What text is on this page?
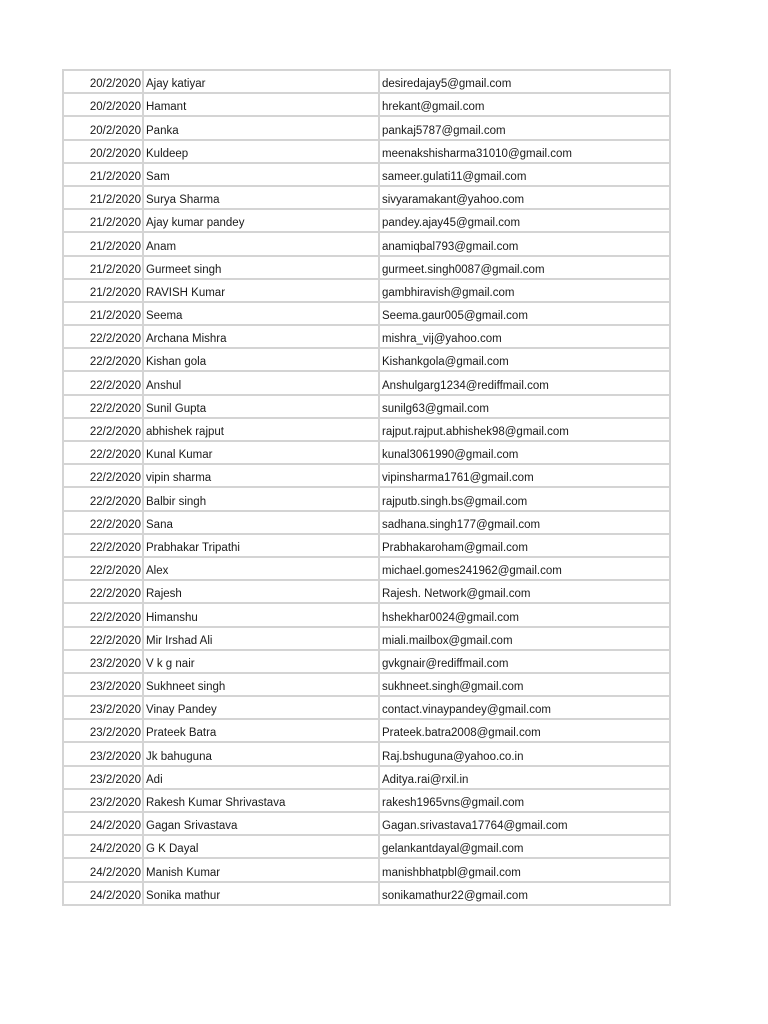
20/2/2020	Ajay katiyar	desiredajay5@gmail.com
20/2/2020	Hamant	hrekant@gmail.com
20/2/2020	Panka	pankaj5787@gmail.com
20/2/2020	Kuldeep	meenakshisharma31010@gmail.com
21/2/2020	Sam	sameer.gulati11@gmail.com
21/2/2020	Surya Sharma	sivyaramakant@yahoo.com
21/2/2020	Ajay kumar pandey	pandey.ajay45@gmail.com
21/2/2020	Anam	anamiqbal793@gmail.com
21/2/2020	Gurmeet singh	gurmeet.singh0087@gmail.com
21/2/2020	RAVISH Kumar	gambhiravish@gmail.com
21/2/2020	Seema	Seema.gaur005@gmail.com
22/2/2020	Archana Mishra	mishra_vij@yahoo.com
22/2/2020	Kishan gola	Kishankgola@gmail.com
22/2/2020	Anshul	Anshulgarg1234@rediffmail.com
22/2/2020	Sunil Gupta	sunilg63@gmail.com
22/2/2020	abhishek rajput	rajput.rajput.abhishek98@gmail.com
22/2/2020	Kunal Kumar	kunal3061990@gmail.com
22/2/2020	vipin sharma	vipinsharma1761@gmail.com
22/2/2020	Balbir singh	rajputb.singh.bs@gmail.com
22/2/2020	Sana	sadhana.singh177@gmail.com
22/2/2020	Prabhakar Tripathi	Prabhakaroham@gmail.com
22/2/2020	Alex	michael.gomes241962@gmail.com
22/2/2020	Rajesh	Rajesh. Network@gmail.com
22/2/2020	Himanshu	hshekhar0024@gmail.com
22/2/2020	Mir Irshad Ali	miali.mailbox@gmail.com
23/2/2020	V k g nair	gvkgnair@rediffmail.com
23/2/2020	Sukhneet singh	sukhneet.singh@gmail.com
23/2/2020	Vinay Pandey	contact.vinaypandey@gmail.com
23/2/2020	Prateek Batra	Prateek.batra2008@gmail.com
23/2/2020	Jk bahuguna	Raj.bshuguna@yahoo.co.in
23/2/2020	Adi	Aditya.rai@rxil.in
23/2/2020	Rakesh Kumar Shrivastava	rakesh1965vns@gmail.com
24/2/2020	Gagan Srivastava	Gagan.srivastava17764@gmail.com
24/2/2020	G K Dayal	gelankantdayal@gmail.com
24/2/2020	Manish Kumar	manishbhatpbl@gmail.com
24/2/2020	Sonika mathur	sonikamathur22@gmail.com
